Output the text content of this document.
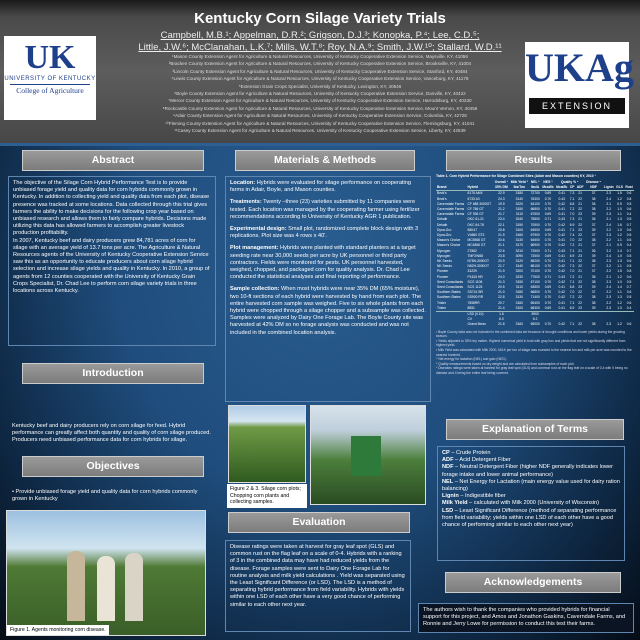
Kentucky Corn Silage Variety Trials
Campbell, M.B.¹; Appelman, D.R.²; Grigson, D.J.³; Konopka, P.⁴; Lee, C.D.⁵;
Little, J.W.⁶; McClanahan, L.K.⁷; Mills, W.T.⁸; Roy, N.A.⁹; Smith, J.W.¹⁰; Stallard, W.D.¹¹
¹Mason County Extension Agent for Agriculture & Natural Resources, University of Kentucky Cooperative Extension Service, Maysville, KY, 41056
²Bracken County Extension Agent for Agriculture & Natural Resources, University of Kentucky Cooperative Extension Service, Brooksville, KY, 41004
³Lincoln County Extension Agent for Agriculture & Natural Resources, University of Kentucky Cooperative Extension Service, Stanford, KY, 40484
⁴Lewis County Extension Agent for Agriculture & Natural Resources, University of Kentucky Cooperative Extension Service, Vanceburg, KY, 41179
⁵Extension Grain Crops Specialist, University of Kentucky, Lexington, KY, 40546
⁶Boyle County Extension Agent for Agriculture & Natural Resources, University of Kentucky Cooperative Extension Service, Danville, KY, 40422
⁷Mercer County Extension Agent for Agriculture & Natural Resources, University of Kentucky Cooperative Extension Service, Harrodsburg, KY, 40330
⁸Rockcastle County Extension Agent for Agriculture & Natural Resources, University of Kentucky Cooperative Extension Service, Mount Vernon, KY, 40456
⁹Adair County Extension Agent for Agriculture & Natural Resources, University of Kentucky Cooperative Extension Service, Columbia, KY, 42728
¹⁰Fleming County Extension Agent for Agriculture & Natural Resources, University of Kentucky Cooperative Extension Service, Flemingsburg, KY, 41041
¹¹Casey County Extension Agent for Agriculture & Natural Resources, University of Kentucky Cooperative Extension Service, Liberty, KY, 42539
UK
UNIVERSITY OF KENTUCKY
College of Agriculture
UKAg
EXTENSION
Abstract
The objective of the Silage Corn Hybrid Performance Test is to provide unbiased forage yield and quality data for corn hybrids commonly grown in Kentucky. In addition to collecting yield and quality data from each plot, disease presence was tracked at some locations. Data collected through this trial gives farmers the ability to make decisions for the following crop year based on unbiased research and allows them to fairly compare hybrids. Decisions made utilizing this data has allowed farmers to accomplish greater livestock production profitability.
In 2007, Kentucky beef and dairy producers grew 84,781 acres of corn for silage with an average yield of 13.7 tons per acre. The Agriculture & Natural Resources agents of the University of Kentucky Cooperative Extension Service saw this as an opportunity to educate producers about corn silage hybrid selection and increase silage yields and quality in Kentucky. In 2010, a group of agents from 12 counties cooperated with the University of Kentucky Grain Crops Specialist, Dr. Chad Lee to perform corn silage variety trials in three locations across Kentucky.
Introduction
Kentucky beef and dairy producers rely on corn silage for feed. Hybrid performance can greatly affect both quantity and quality of corn silage produced. Producers need unbiased performance data for corn hybrids for silage.
Objectives
• Provide unbiased forage yield and quality data for corn hybrids commonly grown in Kentucky
Figure 1. Agents monitoring corn disease.
Materials & Methods
Location: Hybrids were evaluated for silage performance on cooperating farms in Adair, Boyle, and Mason counties.
Treatments: Twenty –three (23) varieties submitted by 11 companies were tested. Each location was managed by the cooperating farmer using fertilizer recommendations according to University of Kentucky AGR 1 publication.
Experimental design: Small plot, randomized complete block design with 3 replications. Plot size was 4 rows x 40'.
Plot management: Hybrids were planted with standard planters at a target seeding rate near 30,000 seeds per acre by UK personnel or third party contractors. Fields were monitored for pests. UK personnel harvested, weighed, chopped, and packaged corn for quality analysis. Dr. Chad Lee conducted the statistical analyses and final reporting of performance.
Sample collection: When most hybrids were near 35% DM (65% moisture), two 10-ft sections of each hybrid were harvested by hand from each plot. The entire harvested corn sample was weighed. Five to six whole plants from each hybrid were chopped through a silage chopper and a subsample was collected. Samples were analyzed by Dairy One Forage Lab. The Boyle County site was harvested at 42% DM so no forage analysis was conducted and was not included in the combined location analysis.
Figure 2 & 3. Silage corn plots; Chopping corn plants and collecting samples.
Evaluation
Disease ratings were taken at harvest for gray leaf spot (GLS) and common rust on the flag leaf on a scale of 0-4. Hybrids with a ranking of 3 in the combined data may have had reduced yields from the disease. Forage samples were sent to Dairy One Forage Lab for routine analysis and milk yield calculations . Yield was separated using the Least Significant Difference (or LSD). The LSD is a method of separating hybrid performance from field variability. Hybrids with yields within one LSD of each other have a very good chance of performing similar to each other next year.
Results
Table 1. Corn Hybrid Performance for Silage Combined Sites (Adair and Mason counties) KY, 2010 ¹
		Overall ¹	Milk Yield ²	NEL ³	NEG ³	Quality % ⁴			Disease ⁵			
Brand	Hybrid	35% DM	lbs/Ton	lbs/A	Mcal/lb	Mcal/lb	CP	ADF	NDF	Lignin	GLS	Rust
Beck's	6175 AMX	22.9	3180	72700	0.69	0.41	7.3	21	37	2.3	1.5	0.6
Beck's	6733 A3	24.3	3140	76300	0.70	0.43	7.1	22	38	2.4	1.2	0.8
Caverndale Farms	CF 688 3000GT	19.9	3220	64100	0.70	0.42	6.8	21	36	2.1	0.9	0.5
Caverndale Farms	CF 786 GT	21.2	3150	66800	0.70	0.41	7.2	22	38	2.2	1.0	0.6
Caverndale Farms	CF 936 GT	21.7	3110	67500	0.69	0.41	7.0	23	39	2.3	1.1	0.4
Dekalb	DKC 61-21	23.4	3240	75800	0.71	0.43	7.3	21	36	2.1	1.3	0.5
Dekalb	DKC 64-78	22.1	3190	70500	0.70	0.42	6.9	22	37	2.4	1.6	0.7
Dyna-Gro	58K47	20.8	3100	64500	0.69	0.41	7.1	23	39	2.2	1.0	0.6
Dyna-Gro	V4660 GT3	21.5	3160	67900	0.70	0.42	7.4	22	37	2.3	1.2	0.5
Mason's Choice	MC5568 GT	20.6	3130	64500	0.70	0.41	7.0	22	38	2.2	1.1	0.6
Mason's Choice	MC4866 GT	21.1	3170	66900	0.70	0.42	7.2	21	37	2.1	0.9	0.4
Mycogen	2T862	22.6	3210	72500	0.71	0.43	7.1	21	36	2.2	1.4	0.7
Mycogen	TMF2W88	23.8	3090	73500	0.69	0.41	6.9	23	39	2.4	1.0	0.5
NK Seeds	N78N-3000GT	20.9	3120	65200	0.70	0.41	7.1	22	38	2.3	1.3	0.6
NK Seeds	N82H-3000GT	21.7	3140	68100	0.70	0.42	7.3	22	37	2.2	1.1	0.5
Pioneer	33Z29	21.9	3200	70100	0.70	0.42	7.0	21	37	2.2	1.5	0.8
Pioneer	P1615 HR	24.0	3230	77500	0.71	0.43	7.2	21	36	2.1	1.2	0.6
Seed Consultants	SCS 1106	21.3	3150	67100	0.70	0.42	7.1	22	38	2.3	1.0	0.5
Seed Consultants	SCS 1125	20.5	3110	63800	0.69	0.41	6.8	23	39	2.4	1.4	0.7
Southern States	SS741 BR	21.0	3180	66800	0.70	0.42	7.0	22	37	2.2	1.1	0.6
Southern States	SS900 RR	22.8	3130	71400	0.70	0.42	7.2	22	38	2.3	1.3	0.5
Trisler	7858RR	20.7	3160	65400	0.70	0.41	7.1	22	38	2.2	1.2	0.6
Trisler	8851	21.4	3100	66300	0.69	0.41	6.9	23	39	2.3	1.0	0.4
	LSD (0.10)	1.6		5900								
	CV	6.0		6.2								
	Grand Mean	21.8	3160	69000	0.70	0.42	7.1	22	38	2.3	1.2	0.6
¹ Boyle County data was not included in the combined data set because of drought conditions and lower yields during the growing season.
² Yields adjusted to 35% dry matter. Highest numerical yield in bold with gray box and yields that are not significantly different from highest yield.
³ Milk Yield was calculated with Milk 2000, MILK per ton of silage was rounded to the nearest ton and milk per acre was rounded to the nearest hundred.
⁴ Net energy for lactation (NEL) and gain (NEG).
⁵ Quality measurements based on dry weight and are calculated from subsamples of each plot.
⁶ Diseases ratings were taken at harvest for gray leaf spot (GLS) and common rust on the flag leaf on a scale of 0-4 with 0 being no disease and 4 being the entire leaf being covered.
Explanation of Terms
CP – Crude Protein
ADF – Acid Detergent Fiber
NDF – Neutral Detergent Fiber (higher NDF generally indicates lower forage intake and lower animal performance)
NEL – Net Energy for Lactation (main energy value used for dairy ration balancing)
Lignin – Indigestible fiber
Milk Yield – calculated with Milk 2000 (University of Wisconsin)
LSD – Least Significant Difference (method of separating performance from field variability; yields within one LSD of each other have a good chance of performing similar to each other next year)
Acknowledgements
The authors wish to thank the companies who provided hybrids for financial support for this project, and Amos and Jonathon Gaskins, Caverndale Farms, and Ronnie and Jerry Lowe for permission to conduct this test their farms.
